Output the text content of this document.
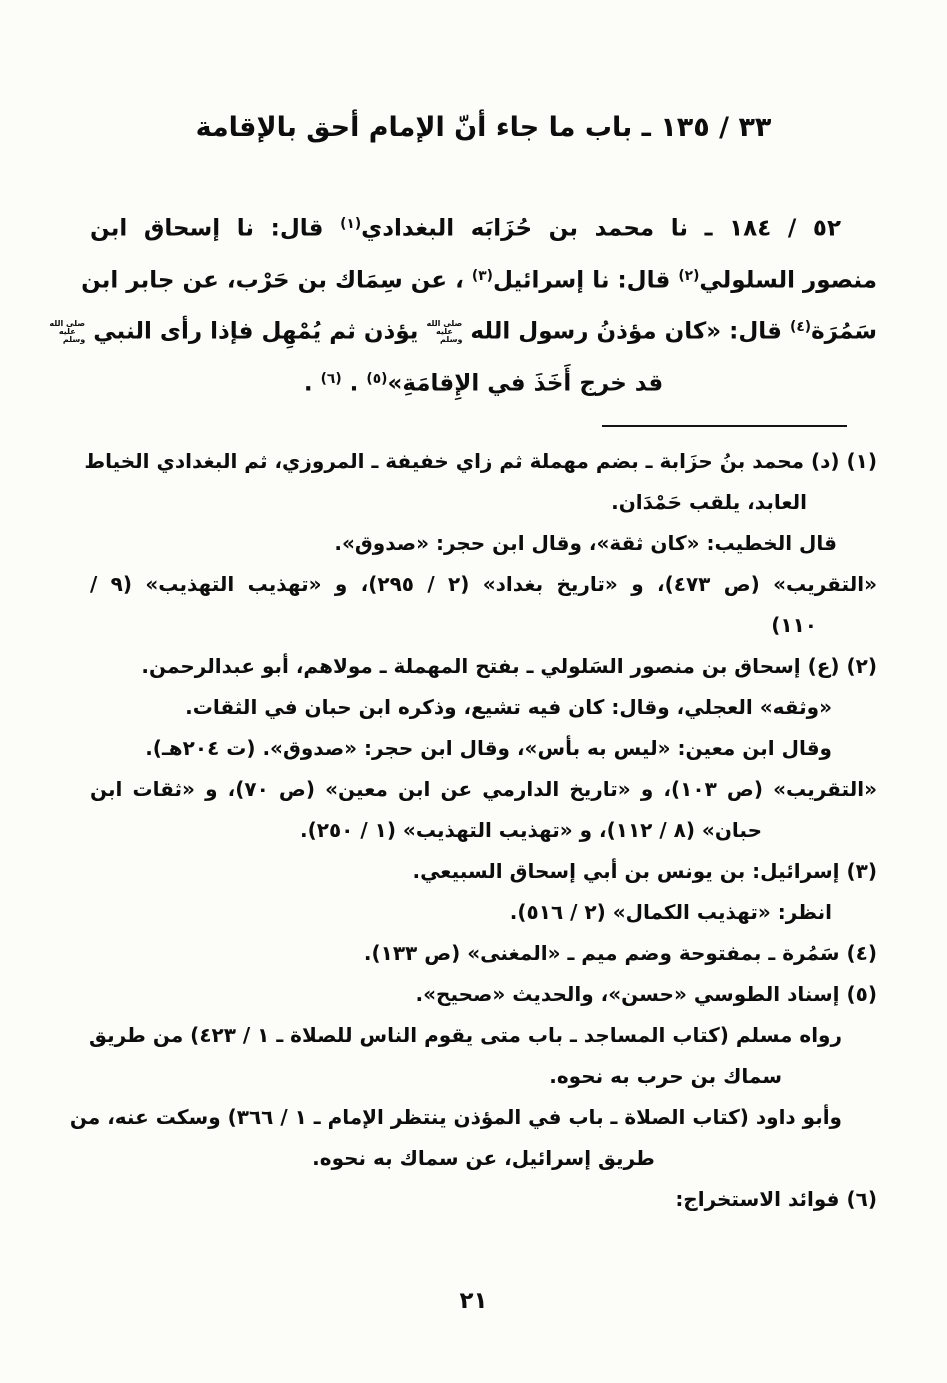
٣٣ / ١٣٥ ـ باب ما جاء أنّ الإمام أحق بالإقامة
٥٢ / ١٨٤ ـ نا محمد بن حُزَابَه البغدادي$^{(١)}$ قال: نا إسحاق ابن
منصور السلولي$^{(٢)}$ قال: نا إسرائيل$^{(٣)}$ ، عن سِمَاك بن حَرْب، عن جابر ابن
سَمُرَة$^{(٤)}$ قال: «كان مؤذنُ رسول الله صلى الله عليه وسلم يؤذن ثم يُمْهِل فإذا رأى النبي صلى الله عليه وسلم
قد خرج أَخَذَ في الإِقامَةِ»$^{(٥)}$ . $^{(٦)}$ .
(١) (د) محمد بنُ حزَابة ـ بضم مهملة ثم زاي خفيفة ـ المروزي، ثم البغدادي الخياط
العابد، يلقب حَمْدَان.
قال الخطيب: «كان ثقة»، وقال ابن حجر: «صدوق».
«التقريب» (ص ٤٧٣)، و «تاريخ بغداد» (٢ / ٢٩٥)، و «تهذيب التهذيب» (٩ /
١١٠)
(٢) (ع) إسحاق بن منصور السَلولي ـ بفتح المهملة ـ مولاهم، أبو عبدالرحمن.
«وثقه» العجلي، وقال: كان فيه تشيع، وذكره ابن حبان في الثقات.
وقال ابن معين: «ليس به بأس»، وقال ابن حجر: «صدوق». (ت ٢٠٤هـ).
«التقريب» (ص ١٠٣)، و «تاريخ الدارمي عن ابن معين» (ص ٧٠)، و «ثقات ابن
حبان» (٨ / ١١٢)، و «تهذيب التهذيب» (١ / ٢٥٠).
(٣) إسرائيل: بن يونس بن أبي إسحاق السبيعي.
انظر: «تهذيب الكمال» (٢ / ٥١٦).
(٤) سَمُرة ـ بمفتوحة وضم ميم ـ «المغنى» (ص ١٣٣).
(٥) إسناد الطوسي «حسن»، والحديث «صحيح».
رواه مسلم (كتاب المساجد ـ باب متى يقوم الناس للصلاة ـ ١ / ٤٢٣) من طريق
سماك بن حرب به نحوه.
وأبو داود (كتاب الصلاة ـ باب في المؤذن ينتظر الإمام ـ ١ / ٣٦٦) وسكت عنه، من
طريق إسرائيل، عن سماك به نحوه.
(٦) فوائد الاستخراج:
٢١
